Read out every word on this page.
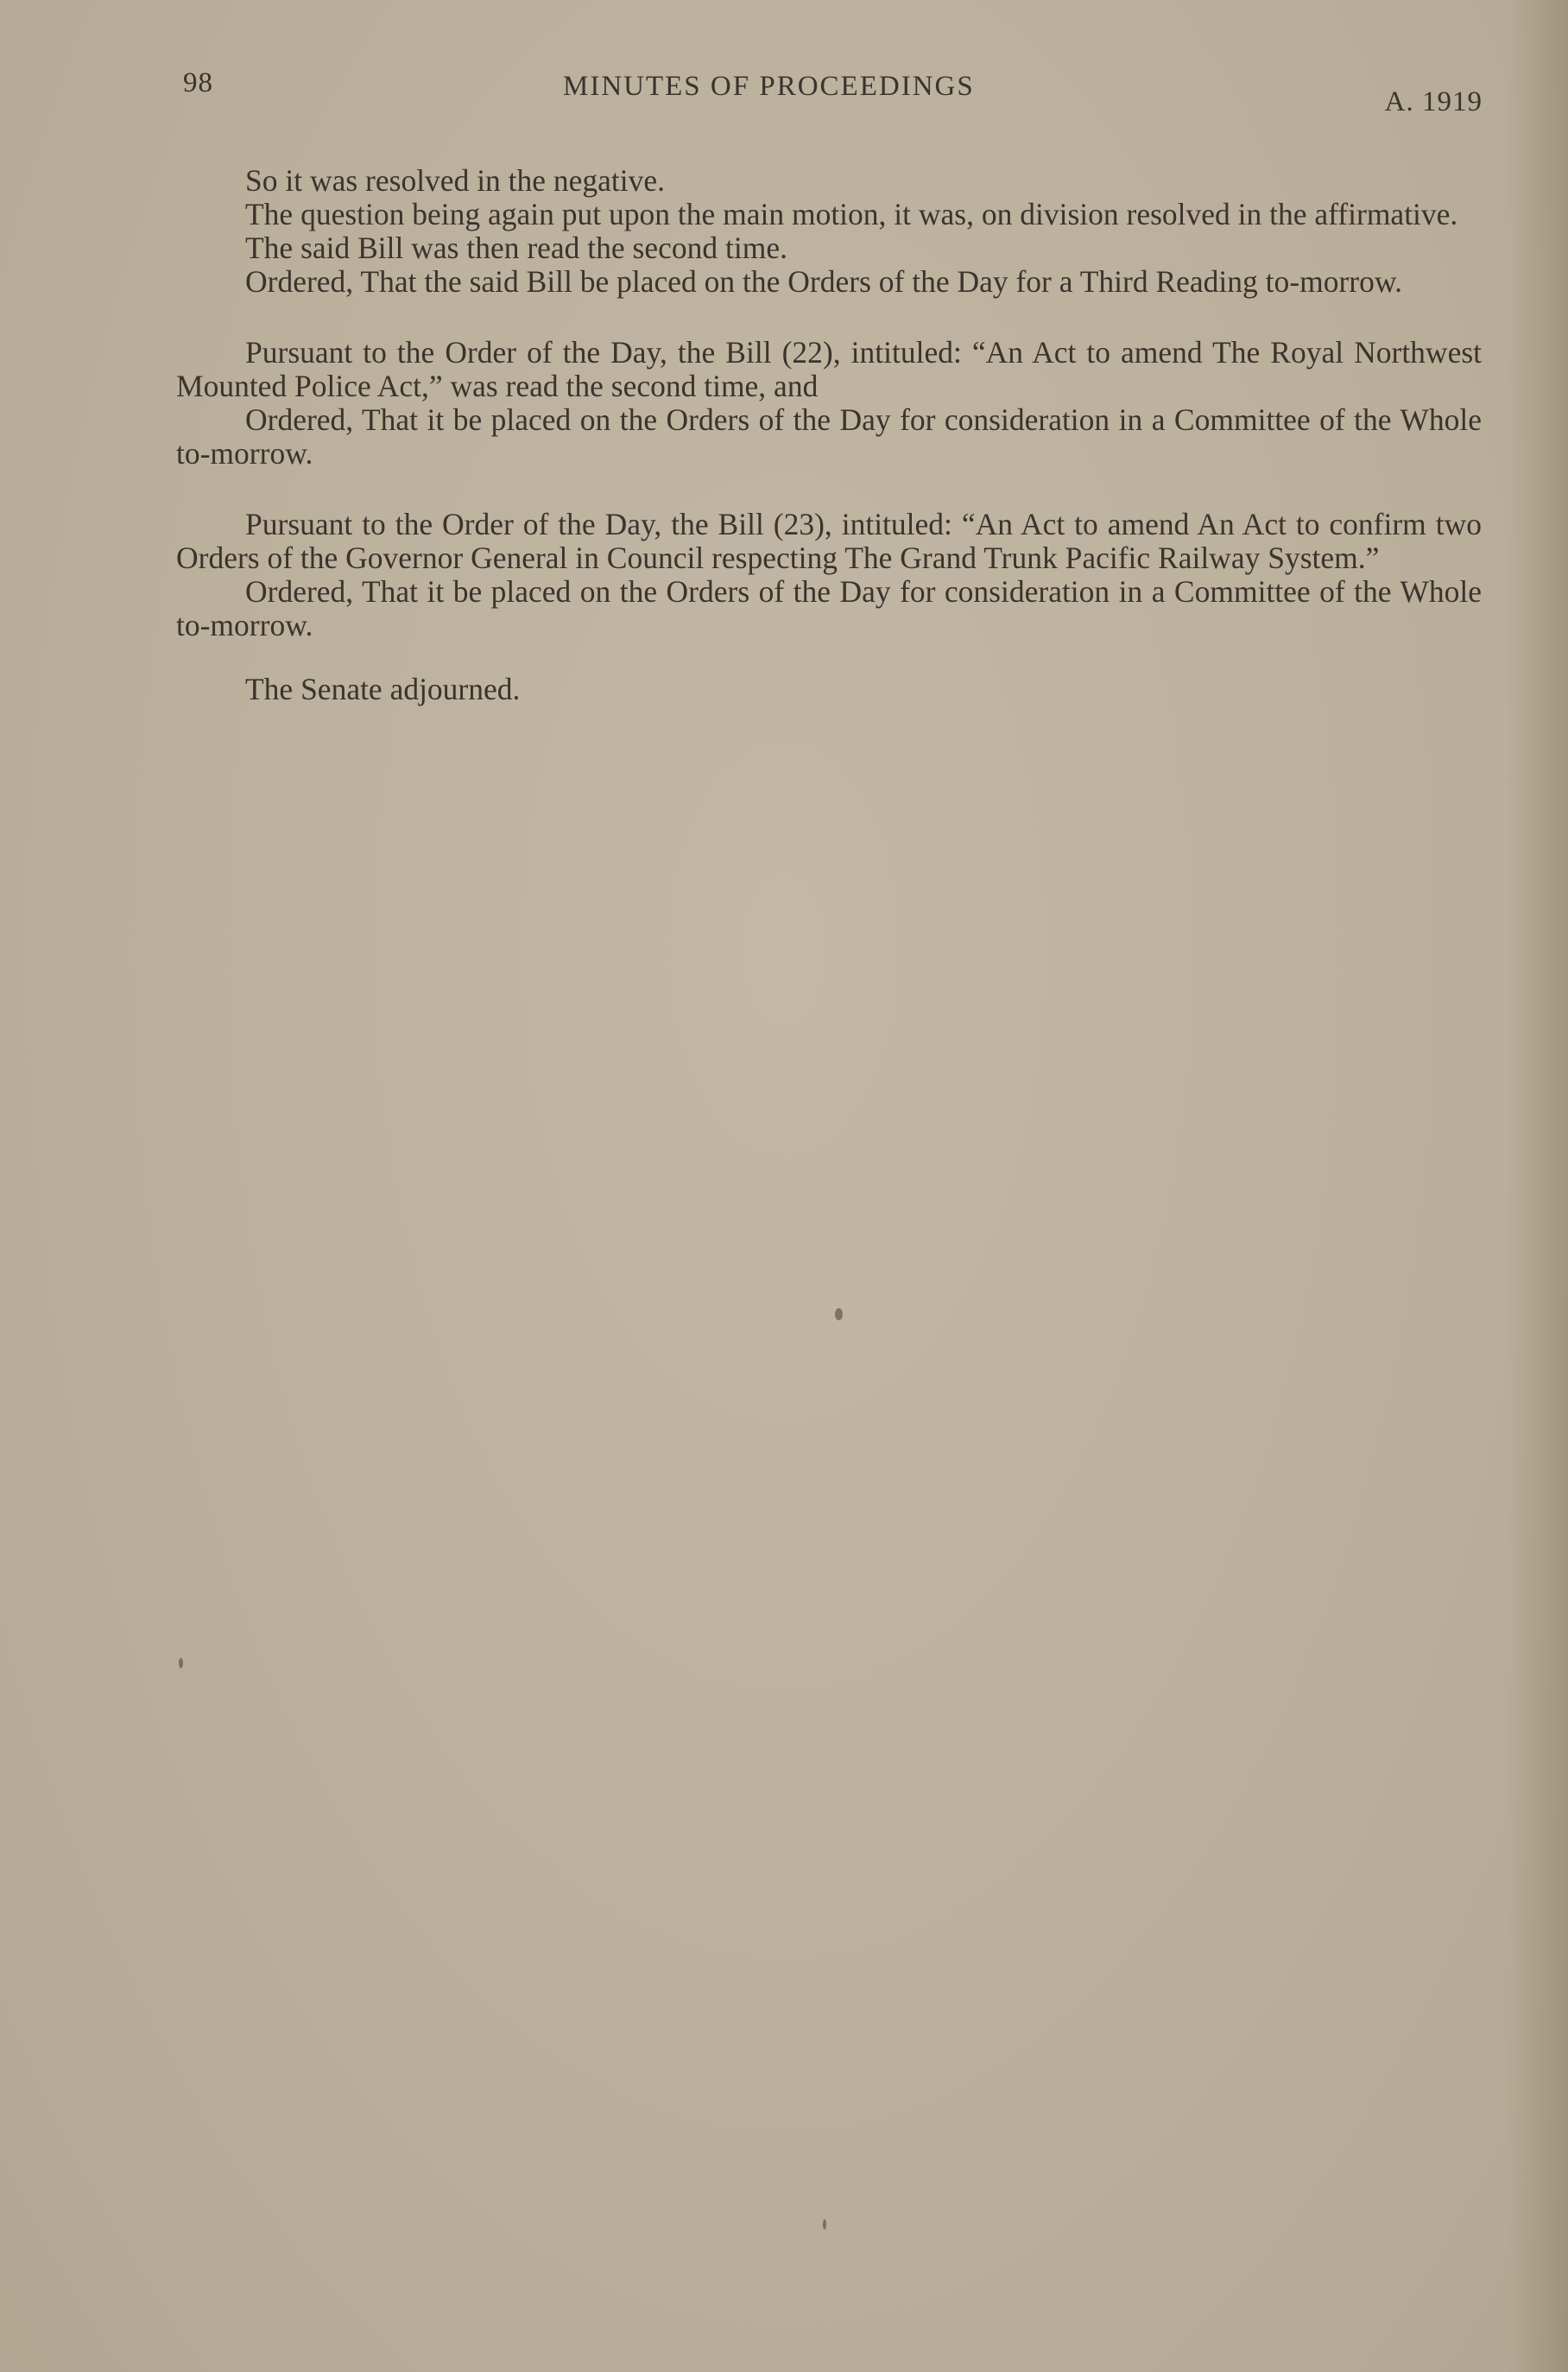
98	MINUTES OF PROCEEDINGS	A. 1919

So it was resolved in the negative.

The question being again put upon the main motion, it was, on division resolved in the affirmative.

The said Bill was then read the second time.

Ordered, That the said Bill be placed on the Orders of the Day for a Third Reading to-morrow.

Pursuant to the Order of the Day, the Bill (22), intituled: “An Act to amend The Royal Northwest Mounted Police Act,” was read the second time, and

Ordered, That it be placed on the Orders of the Day for consideration in a Committee of the Whole to-morrow.

Pursuant to the Order of the Day, the Bill (23), intituled: “An Act to amend An Act to confirm two Orders of the Governor General in Council respecting The Grand Trunk Pacific Railway System.”

Ordered, That it be placed on the Orders of the Day for consideration in a Committee of the Whole to-morrow.

The Senate adjourned.
